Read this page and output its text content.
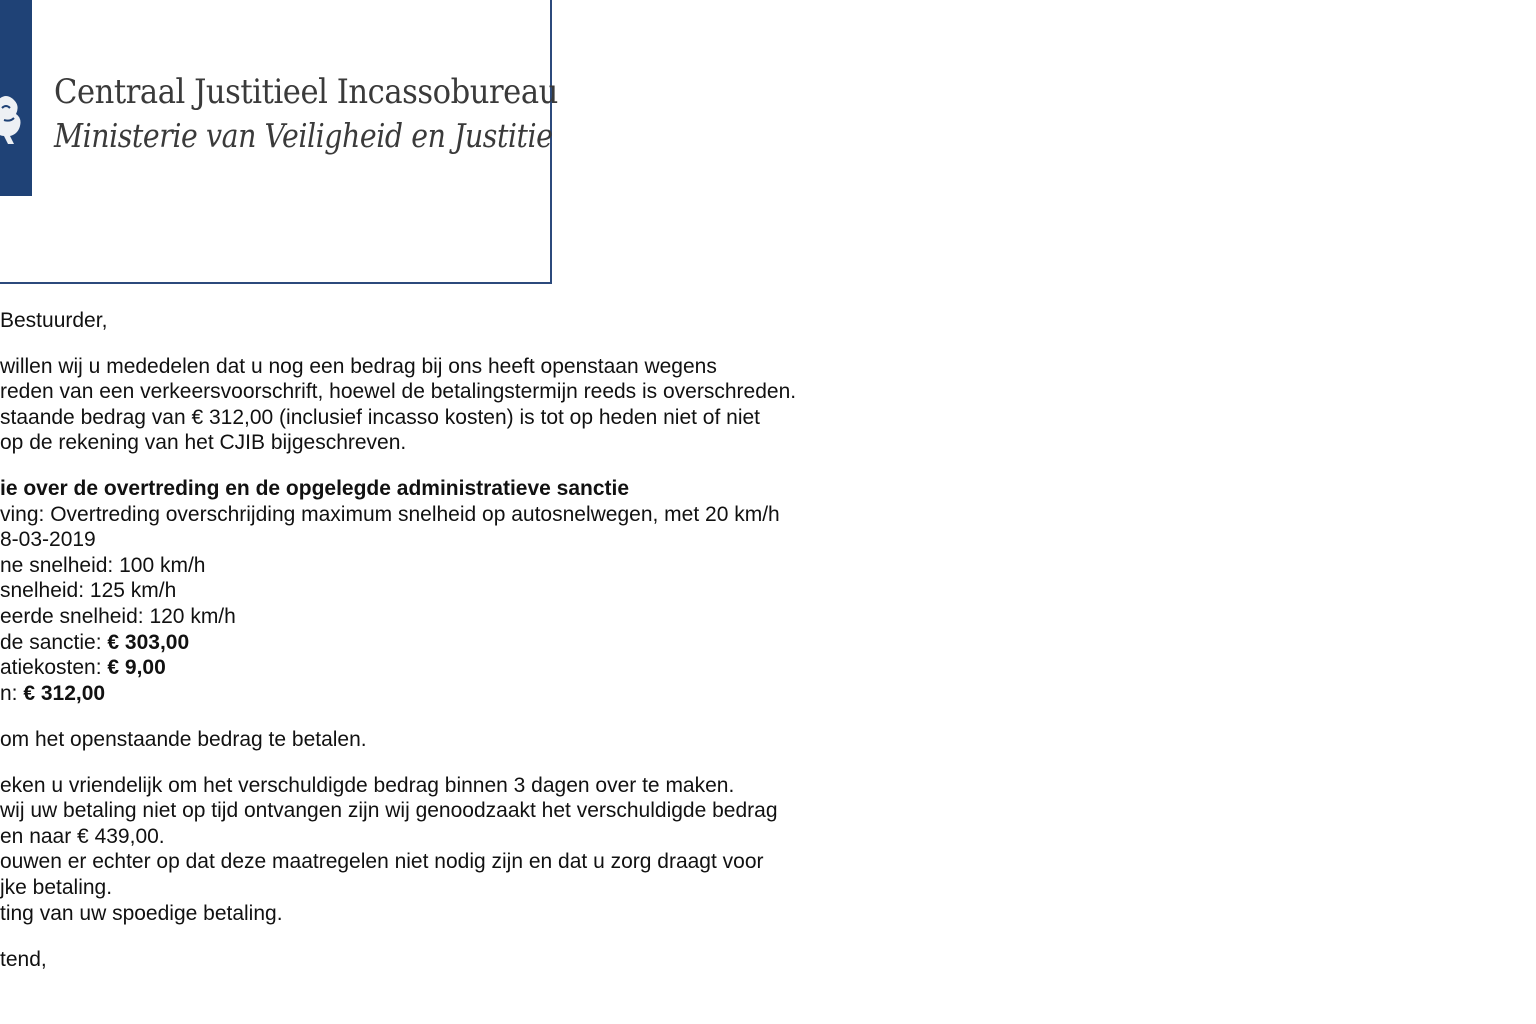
Centraal Justitieel Incassobureau
Ministerie van Veiligheid en Justitie
Bestuurder,
willen wij u mededelen dat u nog een bedrag bij ons heeft openstaan wegens
reden van een verkeersvoorschrift, hoewel de betalingstermijn reeds is overschreden.
staande bedrag van € 312,00 (inclusief incasso kosten) is tot op heden niet of niet
op de rekening van het CJIB bijgeschreven.
ie over de overtreding en de opgelegde administratieve sanctie
ving: Overtreding overschrijding maximum snelheid op autosnelwegen, met 20 km/h
8-03-2019
ne snelheid: 100 km/h
snelheid: 125 km/h
eerde snelheid: 120 km/h
de sanctie: € 303,00
atiekosten: € 9,00
n: € 312,00
om het openstaande bedrag te betalen.
eken u vriendelijk om het verschuldigde bedrag binnen 3 dagen over te maken.
wij uw betaling niet op tijd ontvangen zijn wij genoodzaakt het verschuldigde bedrag
en naar € 439,00.
ouwen er echter op dat deze maatregelen niet nodig zijn en dat u zorg draagt voor
jke betaling.
ting van uw spoedige betaling.
tend,
